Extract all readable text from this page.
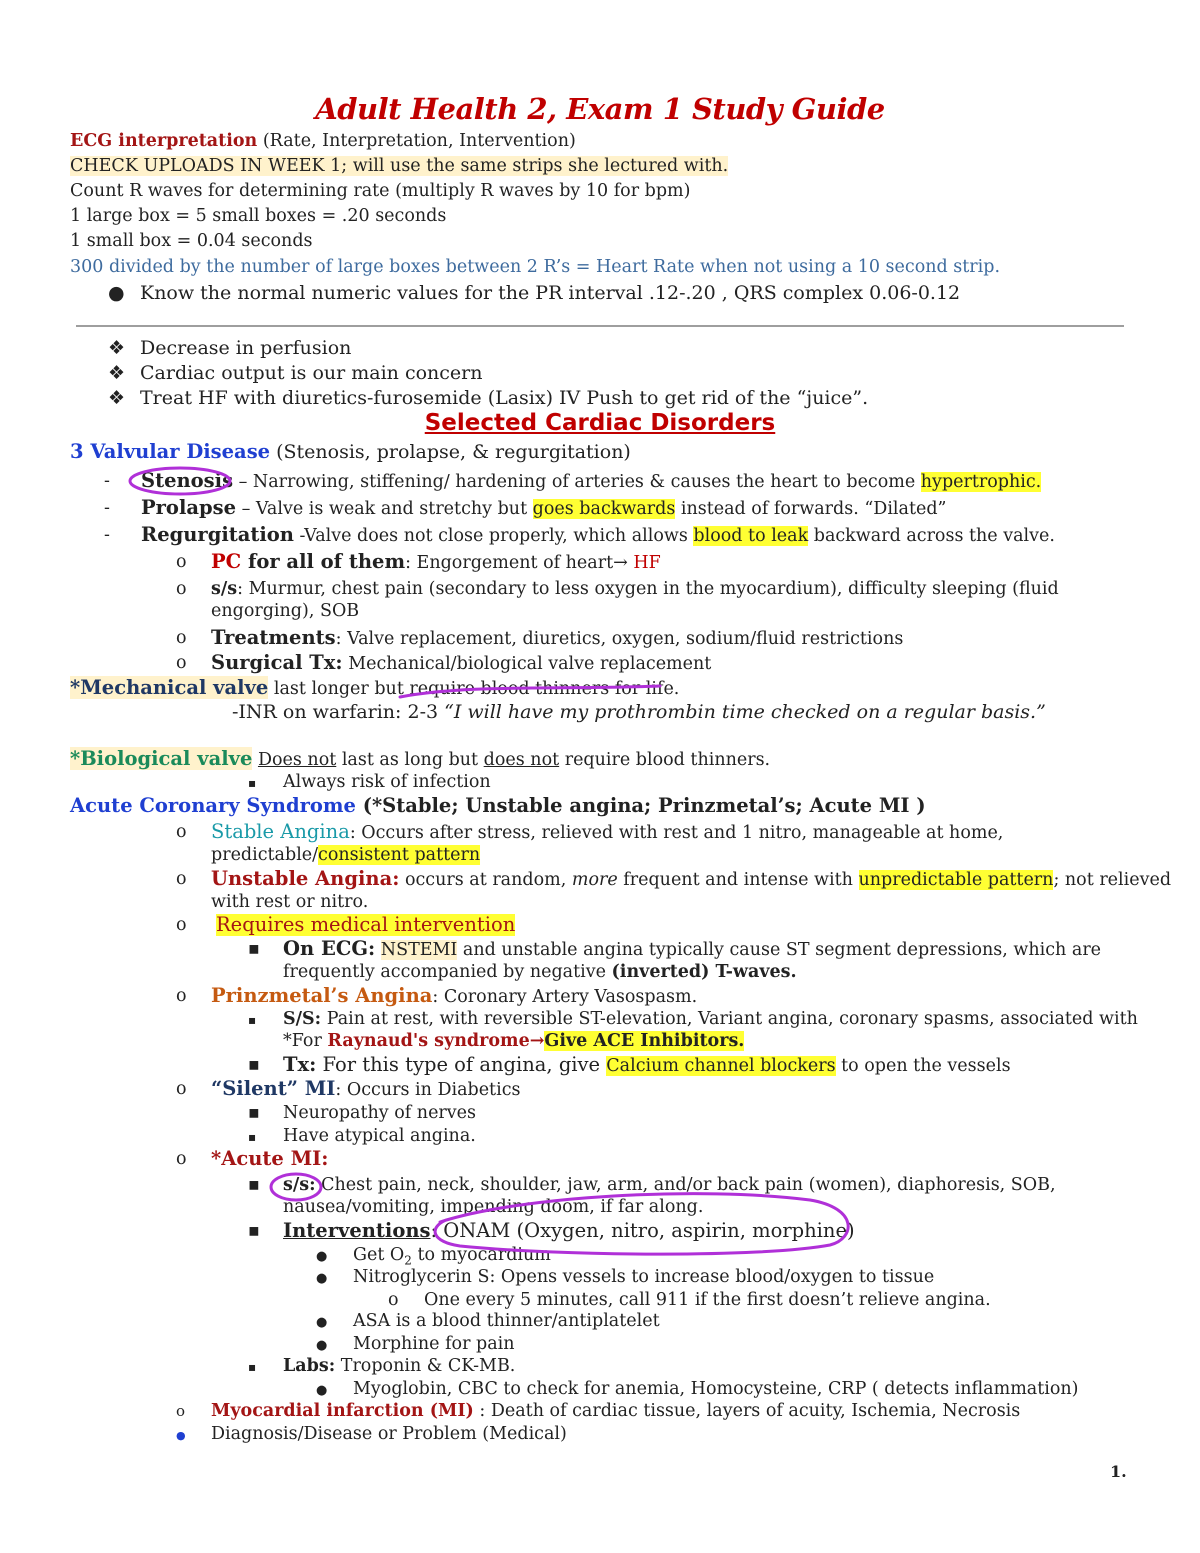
Adult Health 2, Exam 1 Study Guide
ECG interpretation (Rate, Interpretation, Intervention)
CHECK UPLOADS IN WEEK 1; will use the same strips she lectured with.
Count R waves for determining rate (multiply R waves by 10 for bpm)
1 large box = 5 small boxes = .20 seconds
1 small box = 0.04 seconds
300 divided by the number of large boxes between 2 R’s = Heart Rate when not using a 10 second strip.
● Know the normal numeric values for the PR interval .12-.20 , QRS complex 0.06-0.12
❖ Decrease in perfusion
❖ Cardiac output is our main concern
❖ Treat HF with diuretics-furosemide (Lasix) IV Push to get rid of the “juice”.
Selected Cardiac Disorders
3 Valvular Disease (Stenosis, prolapse, & regurgitation)
- Stenosis – Narrowing, stiffening/ hardening of arteries & causes the heart to become hypertrophic.
- Prolapse – Valve is weak and stretchy but goes backwards instead of forwards. “Dilated”
- Regurgitation -Valve does not close properly, which allows blood to leak backward across the valve.
o PC for all of them: Engorgement of heart→ HF
o s/s: Murmur, chest pain (secondary to less oxygen in the myocardium), difficulty sleeping (fluid
engorging), SOB
o Treatments: Valve replacement, diuretics, oxygen, sodium/fluid restrictions
o Surgical Tx: Mechanical/biological valve replacement
*Mechanical valve last longer but require blood thinners for life.
-INR on warfarin: 2-3 “I will have my prothrombin time checked on a regular basis.”
*Biological valve Does not last as long but does not require blood thinners.
▪ Always risk of infection
Acute Coronary Syndrome (*Stable; Unstable angina; Prinzmetal’s; Acute MI )
o Stable Angina: Occurs after stress, relieved with rest and 1 nitro, manageable at home,
predictable/consistent pattern
o Unstable Angina: occurs at random, more frequent and intense with unpredictable pattern; not relieved
with rest or nitro.
o Requires medical intervention
▪ On ECG: NSTEMI and unstable angina typically cause ST segment depressions, which are
frequently accompanied by negative (inverted) T-waves.
o Prinzmetal’s Angina: Coronary Artery Vasospasm.
▪ S/S: Pain at rest, with reversible ST-elevation, Variant angina, coronary spasms, associated with
*For Raynaud's syndrome→Give ACE Inhibitors.
▪ Tx: For this type of angina, give Calcium channel blockers to open the vessels
o “Silent” MI: Occurs in Diabetics
▪ Neuropathy of nerves
▪ Have atypical angina.
o *Acute MI:
▪ s/s: Chest pain, neck, shoulder, jaw, arm, and/or back pain (women), diaphoresis, SOB,
nausea/vomiting, impending doom, if far along.
▪ Interventions: ONAM (Oxygen, nitro, aspirin, morphine)
● Get $O_2$ to myocardium
● Nitroglycerin S: Opens vessels to increase blood/oxygen to tissue
o One every 5 minutes, call 911 if the first doesn’t relieve angina.
● ASA is a blood thinner/antiplatelet
● Morphine for pain
▪ Labs: Troponin & CK-MB.
● Myoglobin, CBC to check for anemia, Homocysteine, CRP ( detects inflammation)
o Myocardial infarction (MI) : Death of cardiac tissue, layers of acuity, Ischemia, Necrosis
● Diagnosis/Disease or Problem (Medical)
1.
